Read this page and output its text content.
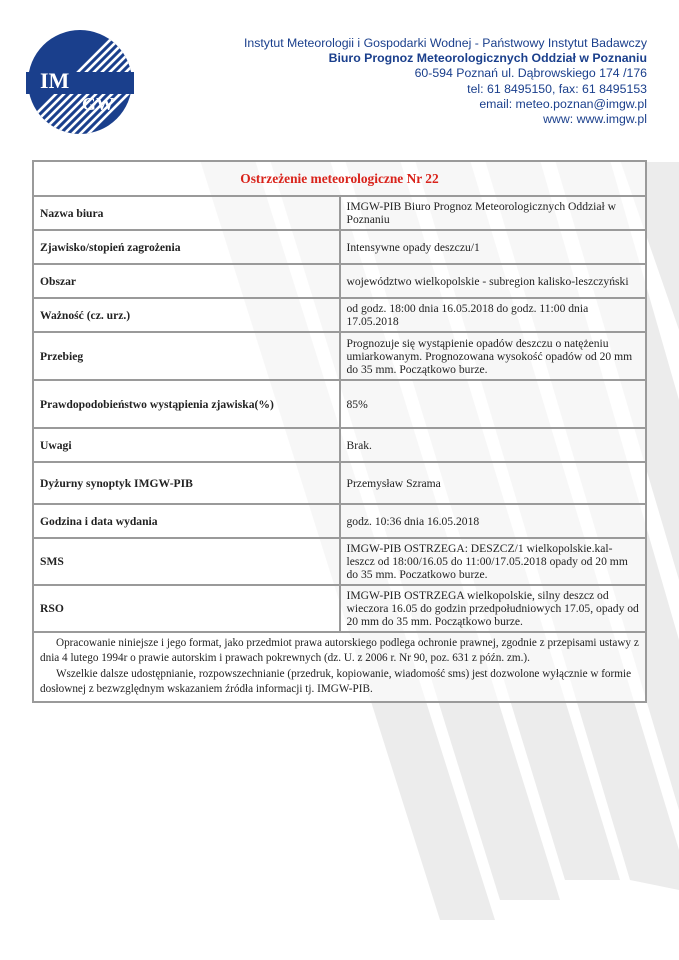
IM
GW
Instytut Meteorologii i Gospodarki Wodnej - Państwowy Instytut Badawczy
Biuro Prognoz Meteorologicznych Oddział w Poznaniu
60-594 Poznań ul. Dąbrowskiego 174 /176
tel: 61 8495150, fax: 61 8495153
email: meteo.poznan@imgw.pl
www: www.imgw.pl
Ostrzeżenie meteorologiczne Nr 22	
Nazwa biura	IMGW-PIB Biuro Prognoz Meteorologicznych Oddział w Poznaniu
Zjawisko/stopień zagrożenia	Intensywne opady deszczu/1
Obszar	województwo wielkopolskie - subregion kalisko-leszczyński
Ważność (cz. urz.)	od godz. 18:00 dnia 16.05.2018 do godz. 11:00 dnia 17.05.2018
Przebieg	Prognozuje się wystąpienie opadów deszczu o natężeniu umiarkowanym. Prognozowana wysokość opadów od 20 mm do 35 mm. Początkowo burze.
Prawdopodobieństwo wystąpienia zjawiska(%)	85%
Uwagi	Brak.
Dyżurny synoptyk IMGW-PIB	Przemysław Szrama
Godzina i data wydania	godz. 10:36 dnia 16.05.2018
SMS	IMGW-PIB OSTRZEGA: DESZCZ/1 wielkopolskie.kal-leszcz od 18:00/16.05 do 11:00/17.05.2018 opady od 20 mm do 35 mm. Poczatkowo burze.
RSO	IMGW-PIB OSTRZEGA wielkopolskie, silny deszcz od wieczora 16.05 do godzin przedpołudniowych 17.05, opady od 20 mm do 35 mm. Początkowo burze.

Opracowanie niniejsze i jego format, jako przedmiot prawa autorskiego podlega ochronie prawnej, zgodnie z przepisami ustawy z dnia 4 lutego 1994r o prawie autorskim i prawach pokrewnych (dz. U. z 2006 r. Nr 90, poz. 631 z późn. zm.).

Wszelkie dalsze udostępnianie, rozpowszechnianie (przedruk, kopiowanie, wiadomość sms) jest dozwolone wyłącznie w formie dosłownej z bezwzględnym wskazaniem źródła informacji tj. IMGW-PIB.	
